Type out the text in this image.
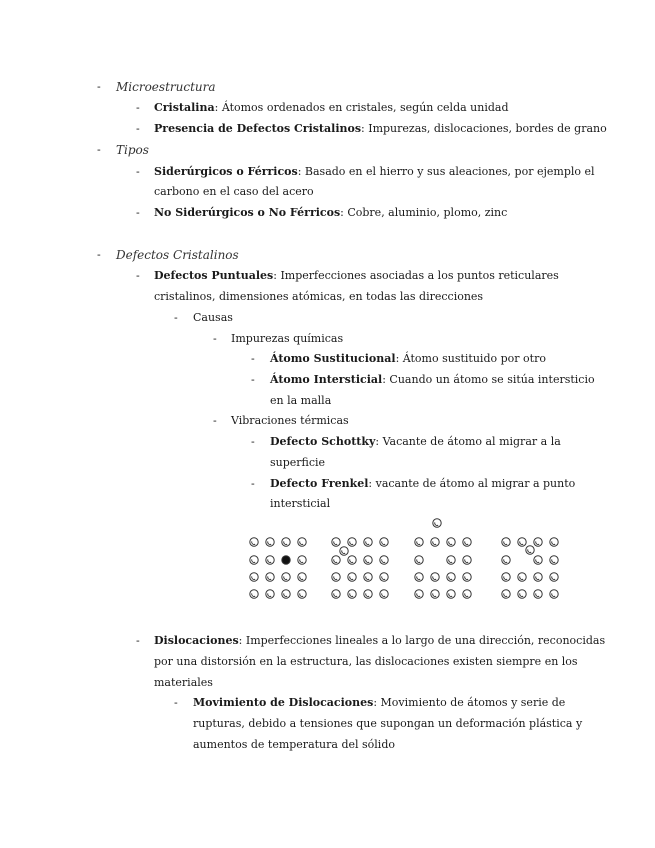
- Microestructura
- Cristalina: Átomos ordenados en cristales, según celda unidad
- Presencia de Defectos Cristalinos: Impurezas, dislocaciones, bordes de grano
- Tipos
- Siderúrgicos o Férricos: Basado en el hierro y sus aleaciones, por ejemplo el
carbono en el caso del acero
- No Siderúrgicos o No Férricos: Cobre, aluminio, plomo, zinc
- Defectos Cristalinos
- Defectos Puntuales: Imperfecciones asociadas a los puntos reticulares
cristalinos, dimensiones atómicas, en todas las direcciones
- Causas
- Impurezas químicas
- Átomo Sustitucional: Átomo sustituido por otro
- Átomo Intersticial: Cuando un átomo se sitúa intersticio
en la malla
- Vibraciones térmicas
- Defecto Schottky: Vacante de átomo al migrar a la
superficie
- Defecto Frenkel: vacante de átomo al migrar a punto
intersticial
- Dislocaciones: Imperfecciones lineales a lo largo de una dirección, reconocidas
por una distorsión en la estructura, las dislocaciones existen siempre en los
materiales
- Movimiento de Dislocaciones: Movimiento de átomos y serie de
rupturas, debido a tensiones que supongan un deformación plástica y
aumentos de temperatura del sólido
